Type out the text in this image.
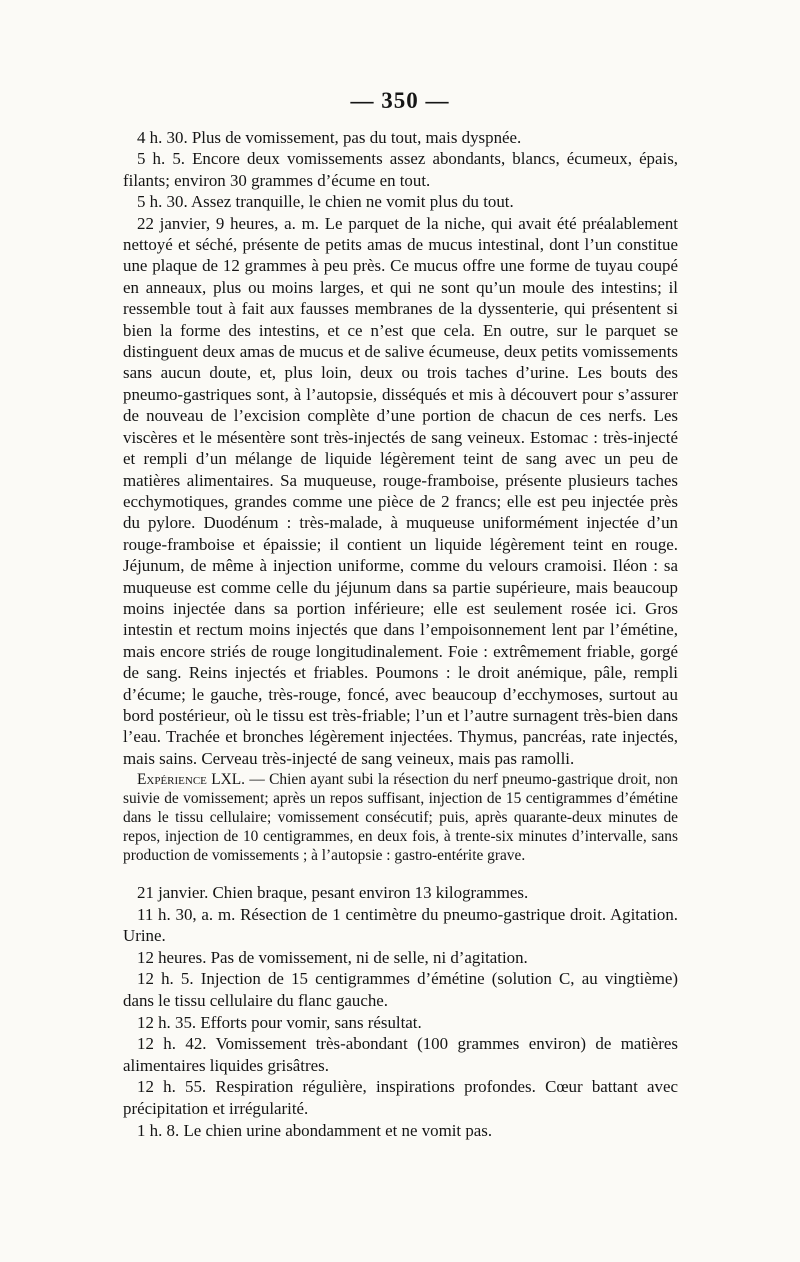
— 350 —

4 h. 30. Plus de vomissement, pas du tout, mais dyspnée.

5 h. 5. Encore deux vomissements assez abondants, blancs, écumeux, épais, filants; environ 30 grammes d’écume en tout.

5 h. 30. Assez tranquille, le chien ne vomit plus du tout.

22 janvier, 9 heures, a. m. Le parquet de la niche, qui avait été préalablement nettoyé et séché, présente de petits amas de mucus intestinal, dont l’un constitue une plaque de 12 grammes à peu près. Ce mucus offre une forme de tuyau coupé en anneaux, plus ou moins larges, et qui ne sont qu’un moule des intestins; il ressemble tout à fait aux fausses membranes de la dyssenterie, qui présentent si bien la forme des intestins, et ce n’est que cela. En outre, sur le parquet se distinguent deux amas de mucus et de salive écumeuse, deux petits vomissements sans aucun doute, et, plus loin, deux ou trois taches d’urine. Les bouts des pneumo-gastriques sont, à l’autopsie, disséqués et mis à découvert pour s’assurer de nouveau de l’excision complète d’une portion de chacun de ces nerfs. Les viscères et le mésentère sont très-injectés de sang veineux. Estomac : très-injecté et rempli d’un mélange de liquide légèrement teint de sang avec un peu de matières alimentaires. Sa muqueuse, rouge-framboise, présente plusieurs taches ecchymotiques, grandes comme une pièce de 2 francs; elle est peu injectée près du pylore. Duodénum : très-malade, à muqueuse uniformément injectée d’un rouge-framboise et épaissie; il contient un liquide légèrement teint en rouge. Jéjunum, de même à injection uniforme, comme du velours cramoisi. Iléon : sa muqueuse est comme celle du jéjunum dans sa partie supérieure, mais beaucoup moins injectée dans sa portion inférieure; elle est seulement rosée ici. Gros intestin et rectum moins injectés que dans l’empoisonnement lent par l’émétine, mais encore striés de rouge longitudinalement. Foie : extrêmement friable, gorgé de sang. Reins injectés et friables. Poumons : le droit anémique, pâle, rempli d’écume; le gauche, très-rouge, foncé, avec beaucoup d’ecchymoses, surtout au bord postérieur, où le tissu est très-friable; l’un et l’autre surnagent très-bien dans l’eau. Trachée et bronches légèrement injectées. Thymus, pancréas, rate injectés, mais sains. Cerveau très-injecté de sang veineux, mais pas ramolli.

Expérience LXL. — Chien ayant subi la résection du nerf pneumo-gastrique droit, non suivie de vomissement; après un repos suffisant, injection de 15 centigrammes d’émétine dans le tissu cellulaire; vomissement consécutif; puis, après quarante-deux minutes de repos, injection de 10 centigrammes, en deux fois, à trente-six minutes d’intervalle, sans production de vomissements ; à l’autopsie : gastro-entérite grave.

21 janvier. Chien braque, pesant environ 13 kilogrammes.

11 h. 30, a. m. Résection de 1 centimètre du pneumo-gastrique droit. Agitation. Urine.

12 heures. Pas de vomissement, ni de selle, ni d’agitation.

12 h. 5. Injection de 15 centigrammes d’émétine (solution C, au vingtième) dans le tissu cellulaire du flanc gauche.

12 h. 35. Efforts pour vomir, sans résultat.

12 h. 42. Vomissement très-abondant (100 grammes environ) de matières alimentaires liquides grisâtres.

12 h. 55. Respiration régulière, inspirations profondes. Cœur battant avec précipitation et irrégularité.

1 h. 8. Le chien urine abondamment et ne vomit pas.
